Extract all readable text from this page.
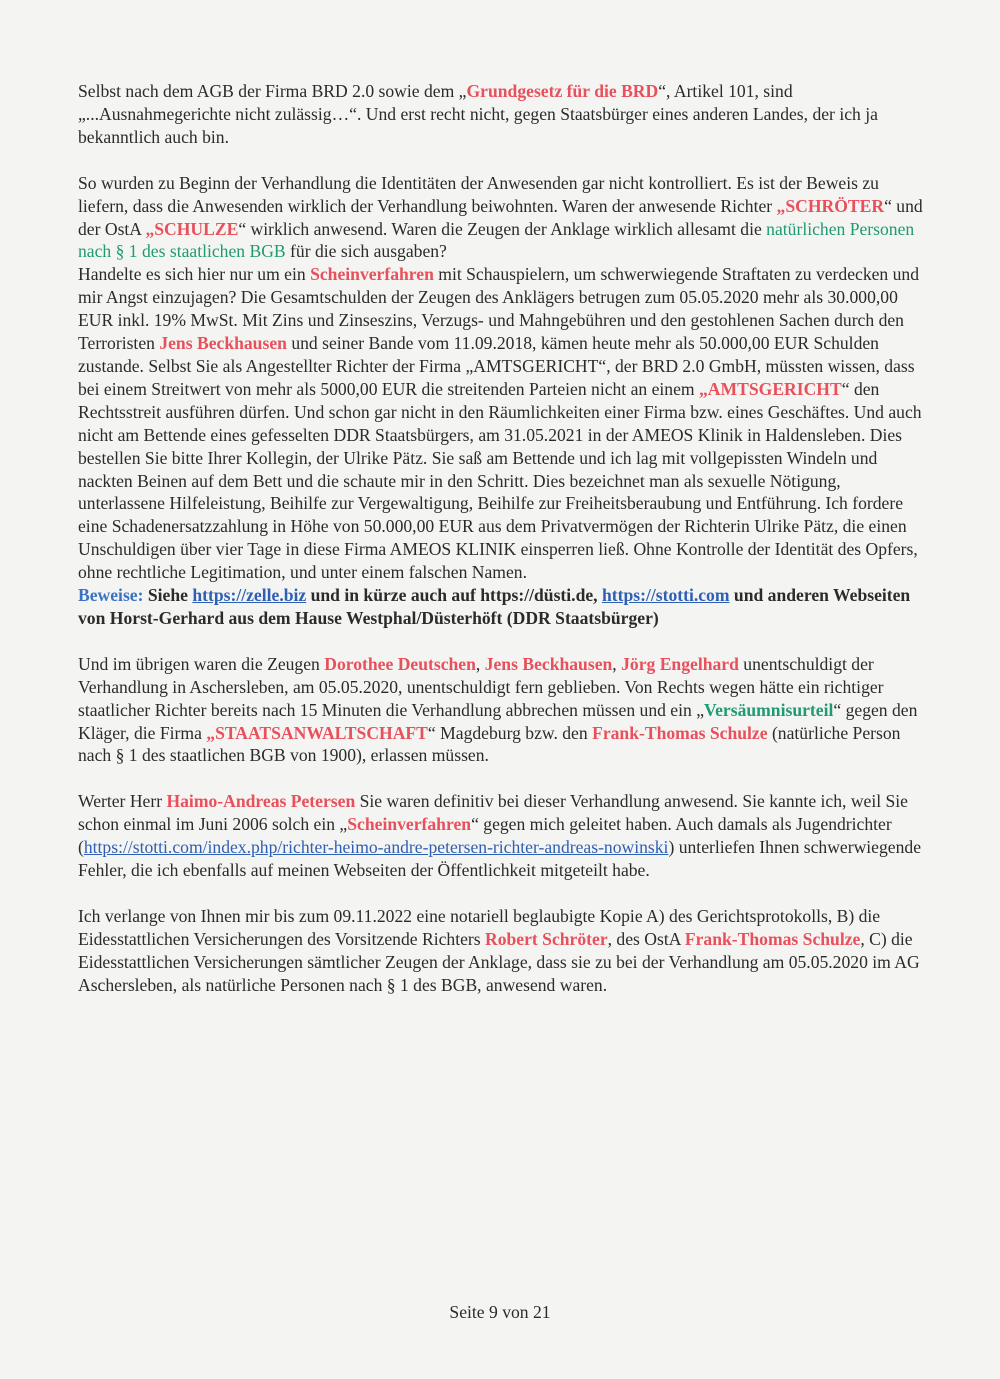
Selbst nach dem AGB der Firma BRD 2.0 sowie dem „Grundgesetz für die BRD“, Artikel 101, sind „...Ausnahmegerichte nicht zulässig…“. Und erst recht nicht, gegen Staatsbürger eines anderen Landes, der ich ja bekanntlich auch bin.

So wurden zu Beginn der Verhandlung die Identitäten der Anwesenden gar nicht kontrolliert. Es ist der Beweis zu liefern, dass die Anwesenden wirklich der Verhandlung beiwohnten. Waren der anwesende Richter „SCHRÖTER“ und der OstA „SCHULZE“ wirklich anwesend. Waren die Zeugen der Anklage wirklich allesamt die natürlichen Personen nach § 1 des staatlichen BGB für die sich ausgaben?

Handelte es sich hier nur um ein Scheinverfahren mit Schauspielern, um schwerwiegende Straftaten zu verdecken und mir Angst einzujagen? Die Gesamtschulden der Zeugen des Anklägers betrugen zum 05.05.2020 mehr als 30.000,00 EUR inkl. 19% MwSt. Mit Zins und Zinseszins, Verzugs- und Mahngebühren und den gestohlenen Sachen durch den Terroristen Jens Beckhausen und seiner Bande vom 11.09.2018, kämen heute mehr als 50.000,00 EUR Schulden zustande. Selbst Sie als Angestellter Richter der Firma „AMTSGERICHT“, der BRD 2.0 GmbH, müssten wissen, dass bei einem Streitwert von mehr als 5000,00 EUR die streitenden Parteien nicht an einem „AMTSGERICHT“ den Rechtsstreit ausführen dürfen. Und schon gar nicht in den Räumlichkeiten einer Firma bzw. eines Geschäftes. Und auch nicht am Bettende eines gefesselten DDR Staatsbürgers, am 31.05.2021 in der AMEOS Klinik in Haldensleben. Dies bestellen Sie bitte Ihrer Kollegin, der Ulrike Pätz. Sie saß am Bettende und ich lag mit vollgepissten Windeln und nackten Beinen auf dem Bett und die schaute mir in den Schritt. Dies bezeichnet man als sexuelle Nötigung, unterlassene Hilfeleistung, Beihilfe zur Vergewaltigung, Beihilfe zur Freiheitsberaubung und Entführung. Ich fordere eine Schadenersatzzahlung in Höhe von 50.000,00 EUR aus dem Privatvermögen der Richterin Ulrike Pätz, die einen Unschuldigen über vier Tage in diese Firma AMEOS KLINIK einsperren ließ. Ohne Kontrolle der Identität des Opfers, ohne rechtliche Legitimation, und unter einem falschen Namen.

Beweise: Siehe https://zelle.biz und in kürze auch auf https://düsti.de, https://stotti.com und anderen Webseiten von Horst-Gerhard aus dem Hause Westphal/Düsterhöft (DDR Staatsbürger)

Und im übrigen waren die Zeugen Dorothee Deutschen, Jens Beckhausen, Jörg Engelhard unentschuldigt der Verhandlung in Aschersleben, am 05.05.2020, unentschuldigt fern geblieben. Von Rechts wegen hätte ein richtiger staatlicher Richter bereits nach 15 Minuten die Verhandlung abbrechen müssen und ein „Versäumnisurteil“ gegen den Kläger, die Firma „STAATSANWALTSCHAFT“ Magdeburg bzw. den Frank-Thomas Schulze (natürliche Person nach § 1 des staatlichen BGB von 1900), erlassen müssen.

Werter Herr Haimo-Andreas Petersen Sie waren definitiv bei dieser Verhandlung anwesend. Sie kannte ich, weil Sie schon einmal im Juni 2006 solch ein „Scheinverfahren“ gegen mich geleitet haben. Auch damals als Jugendrichter (https://stotti.com/index.php/richter-heimo-andre-petersen-richter-andreas-nowinski) unterliefen Ihnen schwerwiegende Fehler, die ich ebenfalls auf meinen Webseiten der Öffentlichkeit mitgeteilt habe.

Ich verlange von Ihnen mir bis zum 09.11.2022 eine notariell beglaubigte Kopie A) des Gerichtsprotokolls, B) die Eidesstattlichen Versicherungen des Vorsitzende Richters Robert Schröter, des OstA Frank-Thomas Schulze, C) die Eidesstattlichen Versicherungen sämtlicher Zeugen der Anklage, dass sie zu bei der Verhandlung am 05.05.2020 im AG Aschersleben, als natürliche Personen nach § 1 des BGB, anwesend waren.

Seite 9 von 21
